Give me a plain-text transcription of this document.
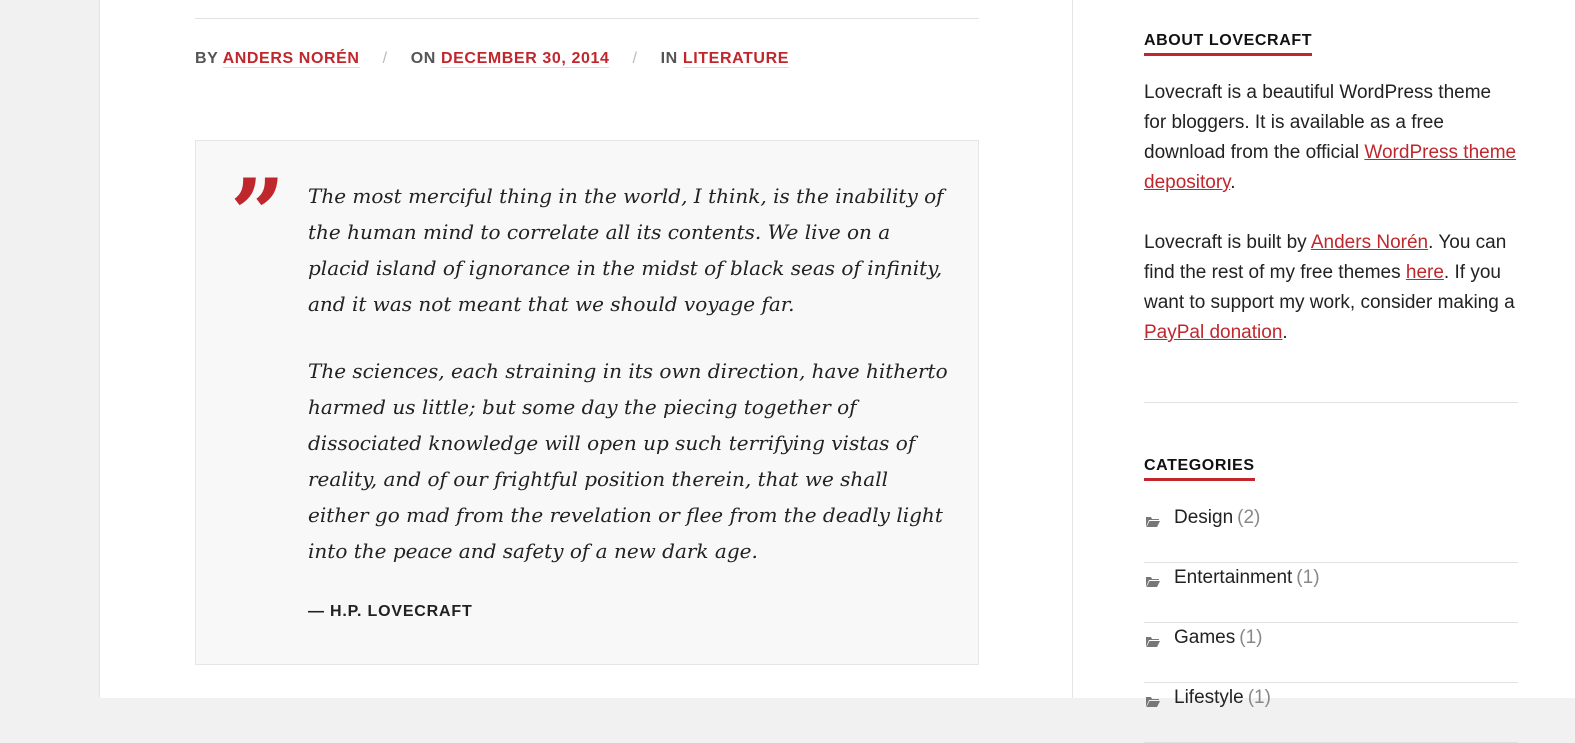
BY ANDERS NORÉN / ON DECEMBER 30, 2014 / IN LITERATURE
” The most merciful thing in the world, I think, is the inability of the human mind to correlate all its contents. We live on a placid island of ignorance in the midst of black seas of infinity, and it was not meant that we should voyage far.

The sciences, each straining in its own direction, have hitherto harmed us little; but some day the piecing together of dissociated knowledge will open up such terrifying vistas of reality, and of our frightful position therein, that we shall either go mad from the revelation or flee from the deadly light into the peace and safety of a new dark age.

— H.P. LOVECRAFT
ABOUT LOVECRAFT

Lovecraft is a beautiful WordPress theme for bloggers. It is available as a free download from the official WordPress theme depository.

Lovecraft is built by Anders Norén. You can find the rest of my free themes here. If you want to support my work, consider making a PayPal donation.

CATEGORIES
Design (2)
Entertainment (1)
Games (1)
Lifestyle (1)
